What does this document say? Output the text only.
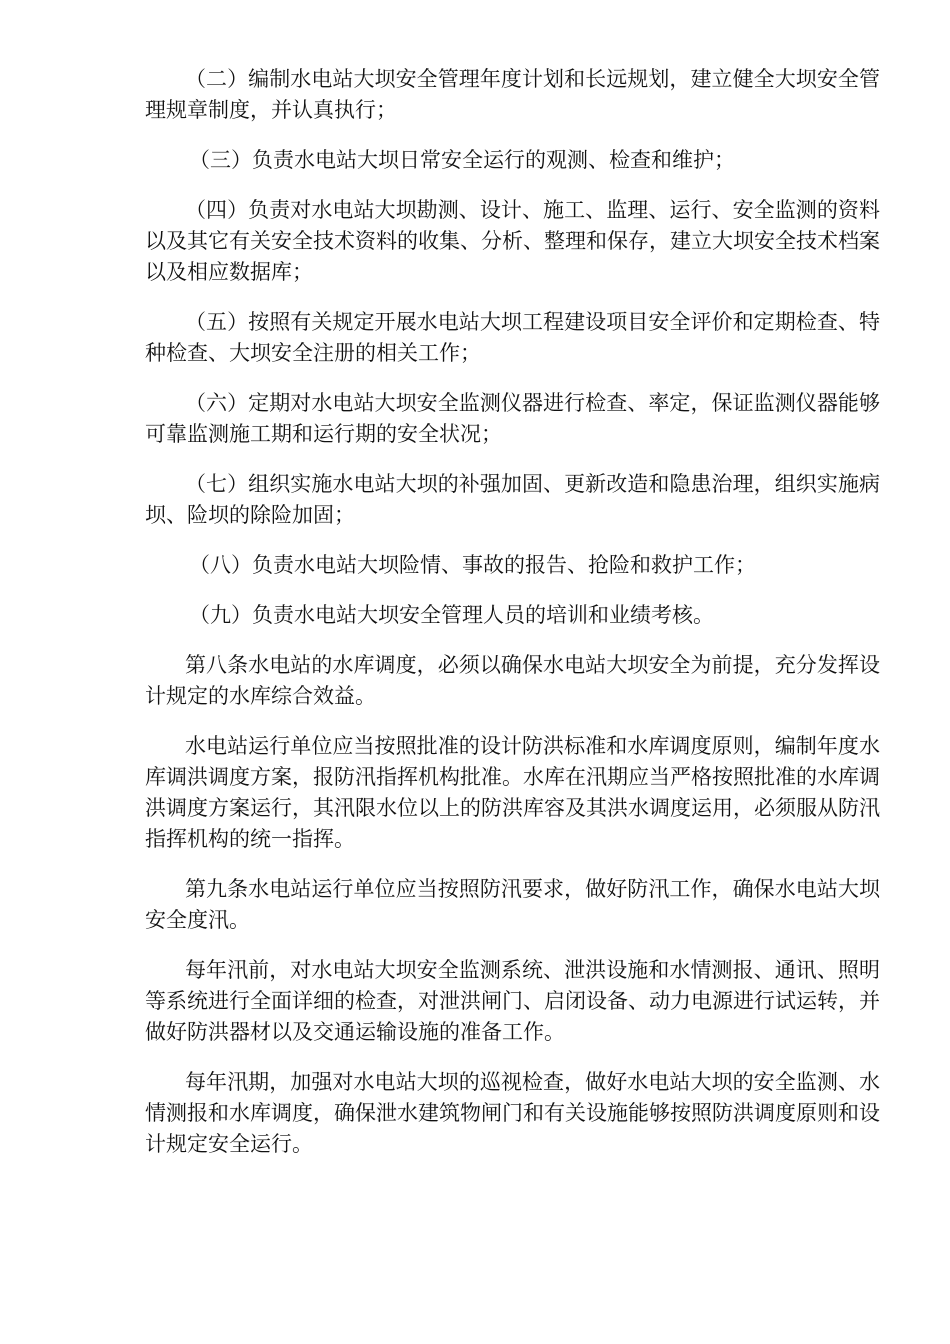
（二）编制水电站大坝安全管理年度计划和长远规划，建立健全大坝安全管理规章制度，并认真执行；

（三）负责水电站大坝日常安全运行的观测、检查和维护；

（四）负责对水电站大坝勘测、设计、施工、监理、运行、安全监测的资料以及其它有关安全技术资料的收集、分析、整理和保存，建立大坝安全技术档案以及相应数据库；

（五）按照有关规定开展水电站大坝工程建设项目安全评价和定期检查、特种检查、大坝安全注册的相关工作；

（六）定期对水电站大坝安全监测仪器进行检查、率定，保证监测仪器能够可靠监测施工期和运行期的安全状况；

（七）组织实施水电站大坝的补强加固、更新改造和隐患治理，组织实施病坝、险坝的除险加固；

（八）负责水电站大坝险情、事故的报告、抢险和救护工作；

（九）负责水电站大坝安全管理人员的培训和业绩考核。

第八条水电站的水库调度，必须以确保水电站大坝安全为前提，充分发挥设计规定的水库综合效益。

水电站运行单位应当按照批准的设计防洪标准和水库调度原则，编制年度水库调洪调度方案，报防汛指挥机构批准。水库在汛期应当严格按照批准的水库调洪调度方案运行，其汛限水位以上的防洪库容及其洪水调度运用，必须服从防汛指挥机构的统一指挥。

第九条水电站运行单位应当按照防汛要求，做好防汛工作，确保水电站大坝安全度汛。

每年汛前，对水电站大坝安全监测系统、泄洪设施和水情测报、通讯、照明等系统进行全面详细的检查，对泄洪闸门、启闭设备、动力电源进行试运转，并做好防洪器材以及交通运输设施的准备工作。

每年汛期，加强对水电站大坝的巡视检查，做好水电站大坝的安全监测、水情测报和水库调度，确保泄水建筑物闸门和有关设施能够按照防洪调度原则和设计规定安全运行。
